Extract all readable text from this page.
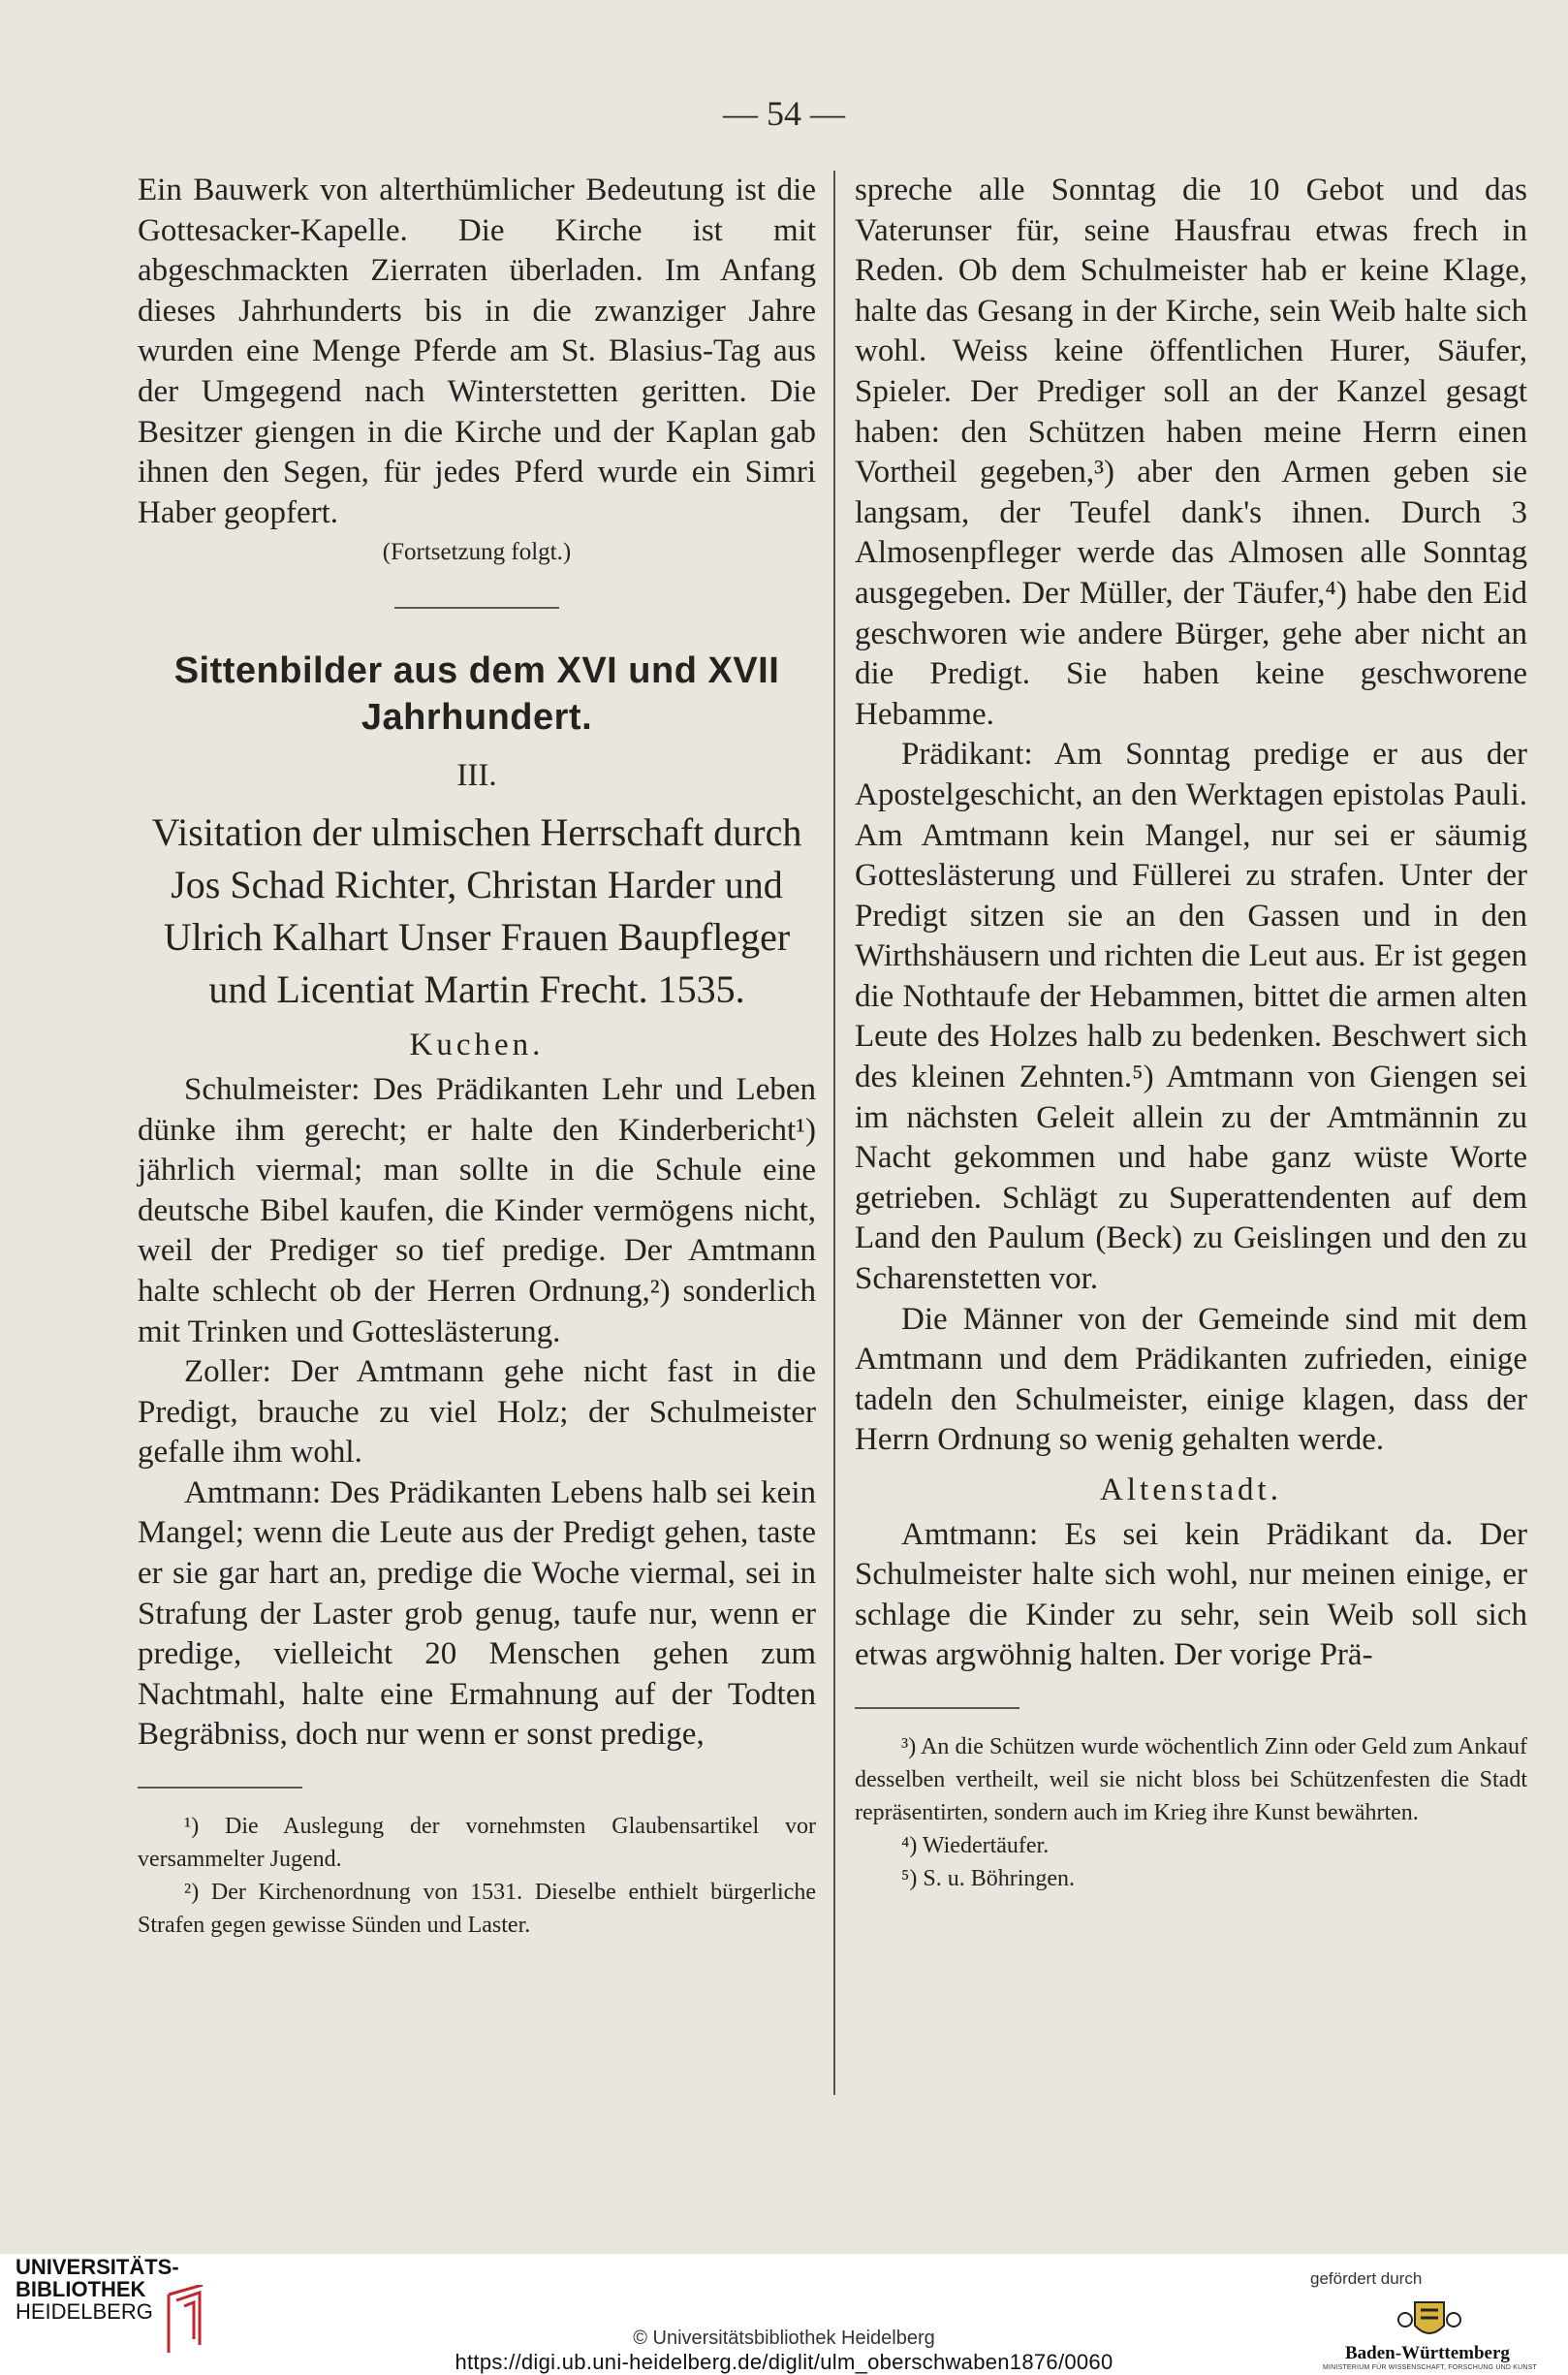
— 54 —

Ein Bauwerk von alterthümlicher Bedeutung ist die Gottesacker-Kapelle. Die Kirche ist mit abgeschmackten Zierraten überladen. Im Anfang dieses Jahrhunderts bis in die zwanziger Jahre wurden eine Menge Pferde am St. Blasius-Tag aus der Umgegend nach Winterstetten geritten. Die Besitzer giengen in die Kirche und der Kaplan gab ihnen den Segen, für jedes Pferd wurde ein Simri Haber geopfert.

(Fortsetzung folgt.)
Sittenbilder aus dem XVI und XVII Jahrhundert.
III.

Visitation der ulmischen Herrschaft durch Jos Schad Richter, Christan Harder und Ulrich Kalhart Unser Frauen Baupfleger und Licentiat Martin Frecht. 1535.

Kuchen.

Schulmeister: Des Prädikanten Lehr und Leben dünke ihm gerecht; er halte den Kinderbericht¹) jährlich viermal; man sollte in die Schule eine deutsche Bibel kaufen, die Kinder vermögens nicht, weil der Prediger so tief predige. Der Amtmann halte schlecht ob der Herren Ordnung,²) sonderlich mit Trinken und Gotteslästerung.

Zoller: Der Amtmann gehe nicht fast in die Predigt, brauche zu viel Holz; der Schulmeister gefalle ihm wohl.

Amtmann: Des Prädikanten Lebens halb sei kein Mangel; wenn die Leute aus der Predigt gehen, taste er sie gar hart an, predige die Woche viermal, sei in Strafung der Laster grob genug, taufe nur, wenn er predige, vielleicht 20 Menschen gehen zum Nachtmahl, halte eine Ermahnung auf der Todten Begräbniss, doch nur wenn er sonst predige,

¹) Die Auslegung der vornehmsten Glaubensartikel vor versammelter Jugend.

²) Der Kirchenordnung von 1531. Dieselbe enthielt bürgerliche Strafen gegen gewisse Sünden und Laster.

spreche alle Sonntag die 10 Gebot und das Vaterunser für, seine Hausfrau etwas frech in Reden. Ob dem Schulmeister hab er keine Klage, halte das Gesang in der Kirche, sein Weib halte sich wohl. Weiss keine öffentlichen Hurer, Säufer, Spieler. Der Prediger soll an der Kanzel gesagt haben: den Schützen haben meine Herrn einen Vortheil gegeben,³) aber den Armen geben sie langsam, der Teufel dank's ihnen. Durch 3 Almosenpfleger werde das Almosen alle Sonntag ausgegeben. Der Müller, der Täufer,⁴) habe den Eid geschworen wie andere Bürger, gehe aber nicht an die Predigt. Sie haben keine geschworene Hebamme.

Prädikant: Am Sonntag predige er aus der Apostelgeschicht, an den Werktagen epistolas Pauli. Am Amtmann kein Mangel, nur sei er säumig Gotteslästerung und Füllerei zu strafen. Unter der Predigt sitzen sie an den Gassen und in den Wirthshäusern und richten die Leut aus. Er ist gegen die Nothtaufe der Hebammen, bittet die armen alten Leute des Holzes halb zu bedenken. Beschwert sich des kleinen Zehnten.⁵) Amtmann von Giengen sei im nächsten Geleit allein zu der Amtmännin zu Nacht gekommen und habe ganz wüste Worte getrieben. Schlägt zu Superattendenten auf dem Land den Paulum (Beck) zu Geislingen und den zu Scharenstetten vor.

Die Männer von der Gemeinde sind mit dem Amtmann und dem Prädikanten zufrieden, einige tadeln den Schulmeister, einige klagen, dass der Herrn Ordnung so wenig gehalten werde.

Altenstadt.

Amtmann: Es sei kein Prädikant da. Der Schulmeister halte sich wohl, nur meinen einige, er schlage die Kinder zu sehr, sein Weib soll sich etwas argwöhnig halten. Der vorige Prä-

³) An die Schützen wurde wöchentlich Zinn oder Geld zum Ankauf desselben vertheilt, weil sie nicht bloss bei Schützenfesten die Stadt repräsentirten, sondern auch im Krieg ihre Kunst bewährten.

⁴) Wiedertäufer.

⁵) S. u. Böhringen.

UNIVERSITÄTS-
BIBLIOTHEK
HEIDELBERG
© Universitätsbibliothek Heidelberg
https://digi.ub.uni-heidelberg.de/diglit/ulm_oberschwaben1876/0060
gefördert durch
Baden-Württemberg
MINISTERIUM FÜR WISSENSCHAFT, FORSCHUNG UND KUNST
